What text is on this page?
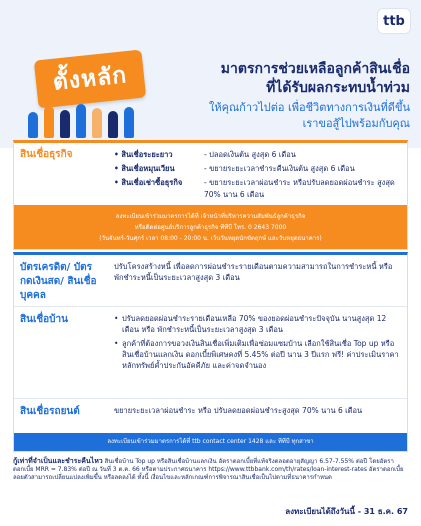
ttb
ตั้งหลัก	มาตรการช่วยเหลือลูกค้าสินเชื่อ
ที่ได้รับผลกระทบน้ำท่วม
ให้คุณก้าวไปต่อ เพื่อชีวิตทางการเงินที่ดีขึ้น
เราขอสู้ไปพร้อมกับคุณ
สินเชื่อธุรกิจ	• สินเชื่อระยะยาว	- ปลอดเงินต้น สูงสุด 6 เดือน
• สินเชื่อหมุนเวียน	- ขยายระยะเวลาชำระคืนเงินต้น สูงสุด 6 เดือน
• สินเชื่อเช่าซื้อธุรกิจ	- ขยายระยะเวลาผ่อนชำระ หรือปรับลดยอดผ่อนชำระ สูงสุด 70% นาน 6 เดือน
ลงทะเบียนเข้าร่วมมาตรการได้ที่ เจ้าหน้าที่บริหารความสัมพันธ์ลูกค้าธุรกิจ
หรือติดต่อศูนย์บริการลูกค้าธุรกิจ ทีทีบี โทร. 0 2643 7000
(วันจันทร์-วันศุกร์ เวลา 08:00 - 20:00 น. เว้นวันหยุดนักขัตฤกษ์ และวันหยุดธนาคาร)
บัตรเครดิต/ บัตรกดเงินสด/ สินเชื่อบุคคล
ปรับโครงสร้างหนี้ เพื่อลดการผ่อนชำระรายเดือนตามความสามารถในการชำระหนี้ หรือ พักชำระหนี้เป็นระยะเวลาสูงสุด 3 เดือน
สินเชื่อบ้าน
•	ปรับลดยอดผ่อนชำระรายเดือนเหลือ 70% ของยอดผ่อนชำระปัจจุบัน นานสูงสุด 12 เดือน หรือ พักชำระหนี้เป็นระยะเวลาสูงสุด 3 เดือน
• ลูกค้าที่ต้องการขอวงเงินสินเชื่อเพิ่มเติมเพื่อซ่อมแซมบ้าน เลือกใช้สินเชื่อ Top up หรือ สินเชื่อบ้านแลกเงิน ดอกเบี้ยพิเศษคงที่ 5.45% ต่อปี นาน 3 ปีแรก ฟรี! ค่าประเมินราคาหลักทรัพย์ค้ำประกันอัคคีภัย และค่าจดจำนอง
สินเชื่อรถยนต์	ขยายระยะเวลาผ่อนชำระ หรือ ปรับลดยอดผ่อนชำระสูงสุด 70% นาน 6 เดือน
ลงทะเบียนเข้าร่วมมาตรการได้ที่ ttb contact center 1428 และ ทีทีบี ทุกสาขา
กู้เท่าที่จำเป็นและชำระคืนไหว สินเชื่อบ้าน Top up หรือสินเชื่อบ้านแลกเงิน อัตราดอกเบี้ยที่แท้จริงตลอดอายุสัญญา 6.57-7.55% ต่อปี โดยอัตราดอกเบี้ย MRR = 7.83% ต่อปี ณ วันที่ 3 ต.ค. 66 หรือตามประกาศธนาคาร https://www.ttbbank.com/th/rates/loan-interest-rates อัตราดอกเบี้ยลอยตัวสามารถเปลี่ยนแปลงเพิ่มขึ้น หรือลดลงได้ ทั้งนี้ เงื่อนไขและหลักเกณฑ์การพิจารณาสินเชื่อเป็นไปตามที่ธนาคารกำหนด
ลงทะเบียนได้ถึงวันนี้ - 31 ธ.ค. 67
